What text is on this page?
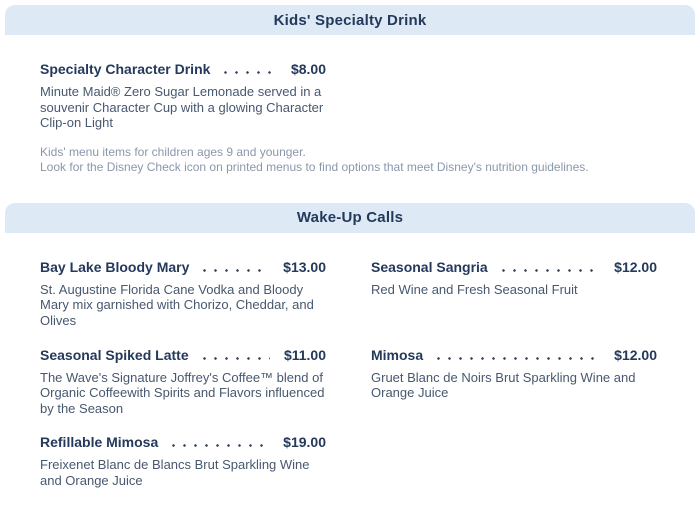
Kids' Specialty Drink
Specialty Character Drink	$8.00

Minute Maid® Zero Sugar Lemonade served in a souvenir Character Cup with a glowing Character Clip-on Light

Kids' menu items for children ages 9 and younger.

Look for the Disney Check icon on printed menus to find options that meet Disney's nutrition guidelines.

Wake-Up Calls
Bay Lake Bloody Mary	$13.00

St. Augustine Florida Cane Vodka and Bloody Mary mix garnished with Chorizo, Cheddar, and Olives

Seasonal Sangria	$12.00

Red Wine and Fresh Seasonal Fruit

Seasonal Spiked Latte	$11.00

The Wave's Signature Joffrey's Coffee™ blend of Organic Coffeewith Spirits and Flavors influenced by the Season

Mimosa	$12.00

Gruet Blanc de Noirs Brut Sparkling Wine and Orange Juice

Refillable Mimosa	$19.00

Freixenet Blanc de Blancs Brut Sparkling Wine and Orange Juice
